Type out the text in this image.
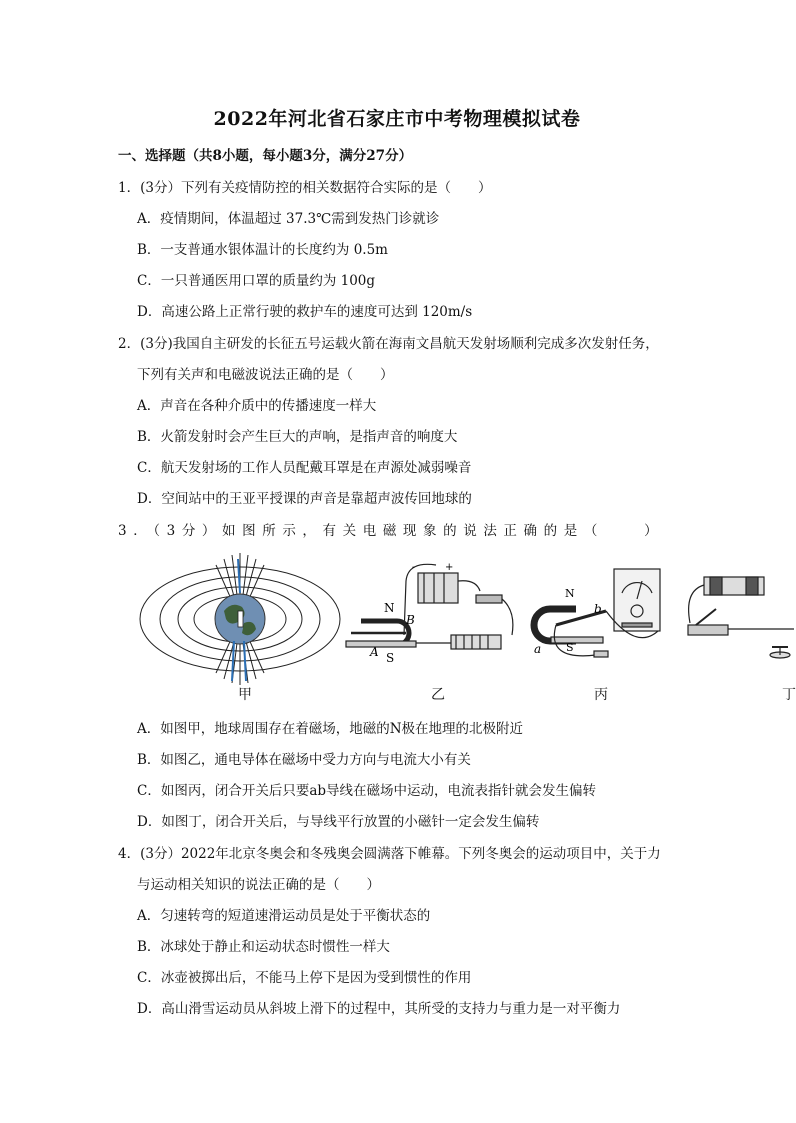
2022年河北省石家庄市中考物理模拟试卷
一、选择题（共8小题，每小题3分，满分27分）
1．(3分）下列有关疫情防控的相关数据符合实际的是（　　）
A．疫情期间，体温超过 37.3℃需到发热门诊就诊
B．一支普通水银体温计的长度约为 0.5m
C．一只普通医用口罩的质量约为 100g
D．高速公路上正常行驶的救护车的速度可达到 120m/s
2．(3分)我国自主研发的长征五号运载火箭在海南文昌航天发射场顺利完成多次发射任务，
下列有关声和电磁波说法正确的是（　　）
A．声音在各种介质中的传播速度一样大
B．火箭发射时会产生巨大的声响，是指声音的响度大
C．航天发射场的工作人员配戴耳罩是在声源处减弱噪音
D．空间站中的王亚平授课的声音是靠超声波传回地球的
3．（3分）如图所示，有关电磁现象的说法正确的是（　　）
N
B
A S
+
-
N
b
a S
甲	乙	丙	丁
A．如图甲，地球周围存在着磁场，地磁的N极在地理的北极附近
B．如图乙，通电导体在磁场中受力方向与电流大小有关
C．如图丙，闭合开关后只要ab导线在磁场中运动，电流表指针就会发生偏转
D．如图丁，闭合开关后，与导线平行放置的小磁针一定会发生偏转
4．(3分）2022年北京冬奥会和冬残奥会圆满落下帷幕。下列冬奥会的运动项目中，关于力
与运动相关知识的说法正确的是（　　）
A．匀速转弯的短道速滑运动员是处于平衡状态的
B．冰球处于静止和运动状态时惯性一样大
C．冰壶被掷出后，不能马上停下是因为受到惯性的作用
D．高山滑雪运动员从斜坡上滑下的过程中，其所受的支持力与重力是一对平衡力
